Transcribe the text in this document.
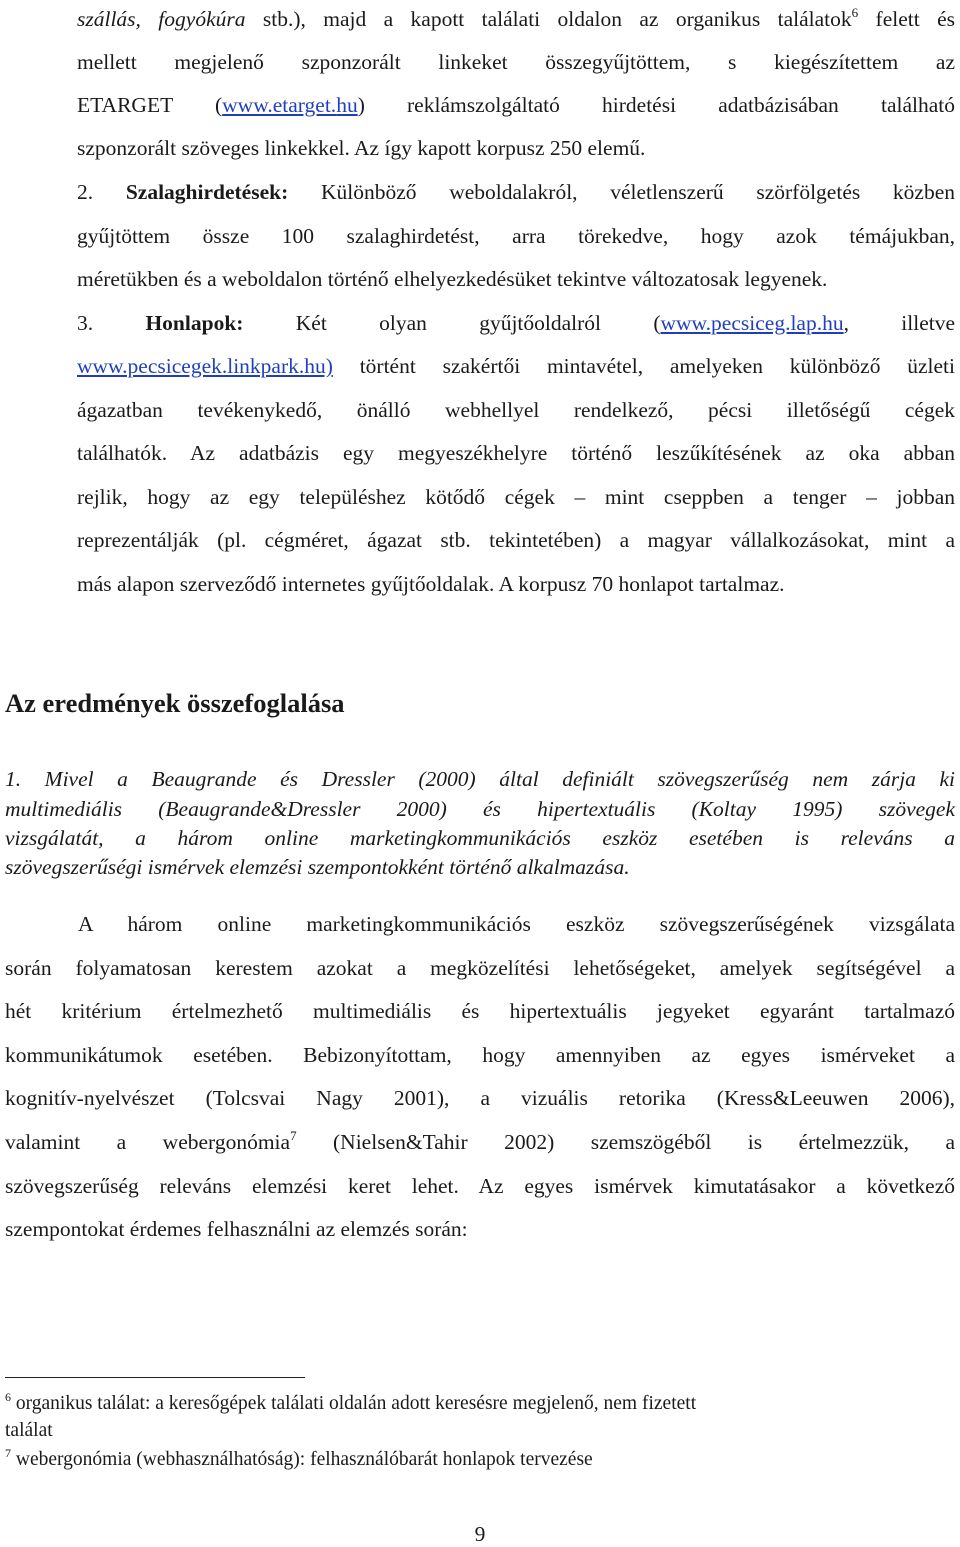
szállás, fogyókúra stb.), majd a kapott találati oldalon az organikus találatok$^6$ felett és
mellett megjelenő szponzorált linkeket összegyűjtöttem, s kiegészítettem az
ETARGET (www.etarget.hu) reklámszolgáltató hirdetési adatbázisában található
szponzorált szöveges linkekkel. Az így kapott korpusz 250 elemű.
2. Szalaghirdetések: Különböző weboldalakról, véletlenszerű szörfölgetés közben
gyűjtöttem össze 100 szalaghirdetést, arra törekedve, hogy azok témájukban,
méretükben és a weboldalon történő elhelyezkedésüket tekintve változatosak legyenek.
3. Honlapok: Két olyan gyűjtőoldalról (www.pecsiceg.lap.hu, illetve
www.pecsicegek.linkpark.hu) történt szakértői mintavétel, amelyeken különböző üzleti
ágazatban tevékenykedő, önálló webhellyel rendelkező, pécsi illetőségű cégek
találhatók. Az adatbázis egy megyeszékhelyre történő leszűkítésének az oka abban
rejlik, hogy az egy településhez kötődő cégek – mint cseppben a tenger – jobban
reprezentálják (pl. cégméret, ágazat stb. tekintetében) a magyar vállalkozásokat, mint a
más alapon szerveződő internetes gyűjtőoldalak. A korpusz 70 honlapot tartalmaz.
Az eredmények összefoglalása
1. Mivel a Beaugrande és Dressler (2000) által definiált szövegszerűség nem zárja ki
multimediális (Beaugrande&Dressler 2000) és hipertextuális (Koltay 1995) szövegek
vizsgálatát, a három online marketingkommunikációs eszköz esetében is releváns a
szövegszerűségi ismérvek elemzési szempontokként történő alkalmazása.
A három online marketingkommunikációs eszköz szövegszerűségének vizsgálata
során folyamatosan kerestem azokat a megközelítési lehetőségeket, amelyek segítségével a
hét kritérium értelmezhető multimediális és hipertextuális jegyeket egyaránt tartalmazó
kommunikátumok esetében. Bebizonyítottam, hogy amennyiben az egyes ismérveket a
kognitív-nyelvészet (Tolcsvai Nagy 2001), a vizuális retorika (Kress&Leeuwen 2006),
valamint a webergonómia$^7$ (Nielsen&Tahir 2002) szemszögéből is értelmezzük, a
szövegszerűség releváns elemzési keret lehet. Az egyes ismérvek kimutatásakor a következő
szempontokat érdemes felhasználni az elemzés során:
$^6$ organikus találat: a keresőgépek találati oldalán adott keresésre megjelenő, nem fizetett
találat
$^7$ webergonómia (webhasználhatóság): felhasználóbarát honlapok tervezése
9
